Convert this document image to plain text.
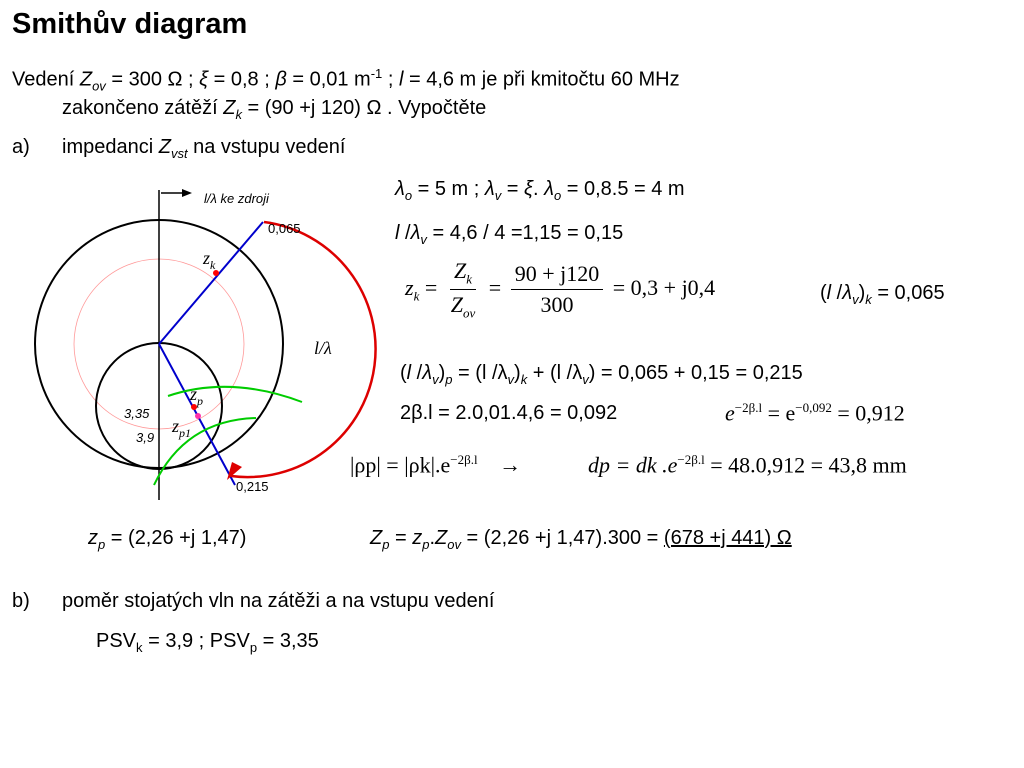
Smithův diagram
Vedení $Z_{ov} = 300$ Ω ; ξ = 0,8 ; β = 0,01 $m^{-1}$ ; l = 4,6 m je při kmitočtu 60 MHz
zakončeno zátěží $Z_k = (90 +j$ 120) Ω . Vypočtěte
a) impedanci $Z_{vst}$ na vstupu vedení
l/λ ke zdroji
0,065
0,215
l/λ
3,35
3,9
$z_k$
$z_p$
$z_{p1}$
$\lambda_o = 5$ m ; $\lambda_v = \xi$. $\lambda_o = 0,8.5 = 4$ m
l $/\lambda_v = 4,6 / 4 =1,15 = 0,15$
$z_k = \frac{Z_k}{Z_{ov}} = \frac{90 + j120}{300} = 0,3 + j0,4$	(l $/\lambda_v)_k = 0,065$
(l $/\lambda_v)_p = (l$ $/\lambda_v)_k + (l$ $/\lambda_v) = 0,065 + 0,15 = 0,215$
2β.l = 2.0,01.4,6 = 0,092	$e^{-2\beta.l} = e^{-0,092} = 0,912$
$|\rho p| = |\rho k|.e^{-2\beta.l}$ →	dp = dk $.e^{-2\beta.l} = 48.0,912 = 43,8$ mm
$z_p = (2,26 +j$ 1,47)	$Z_p = z_p.Z_{ov} = (2,26 +j$ 1,47).300 = (678 +j 441) Ω
b) poměr stojatých vln na zátěži a na vstupu vedení
$PSV_k = 3,9$ ; $PSV_p = 3,35$
